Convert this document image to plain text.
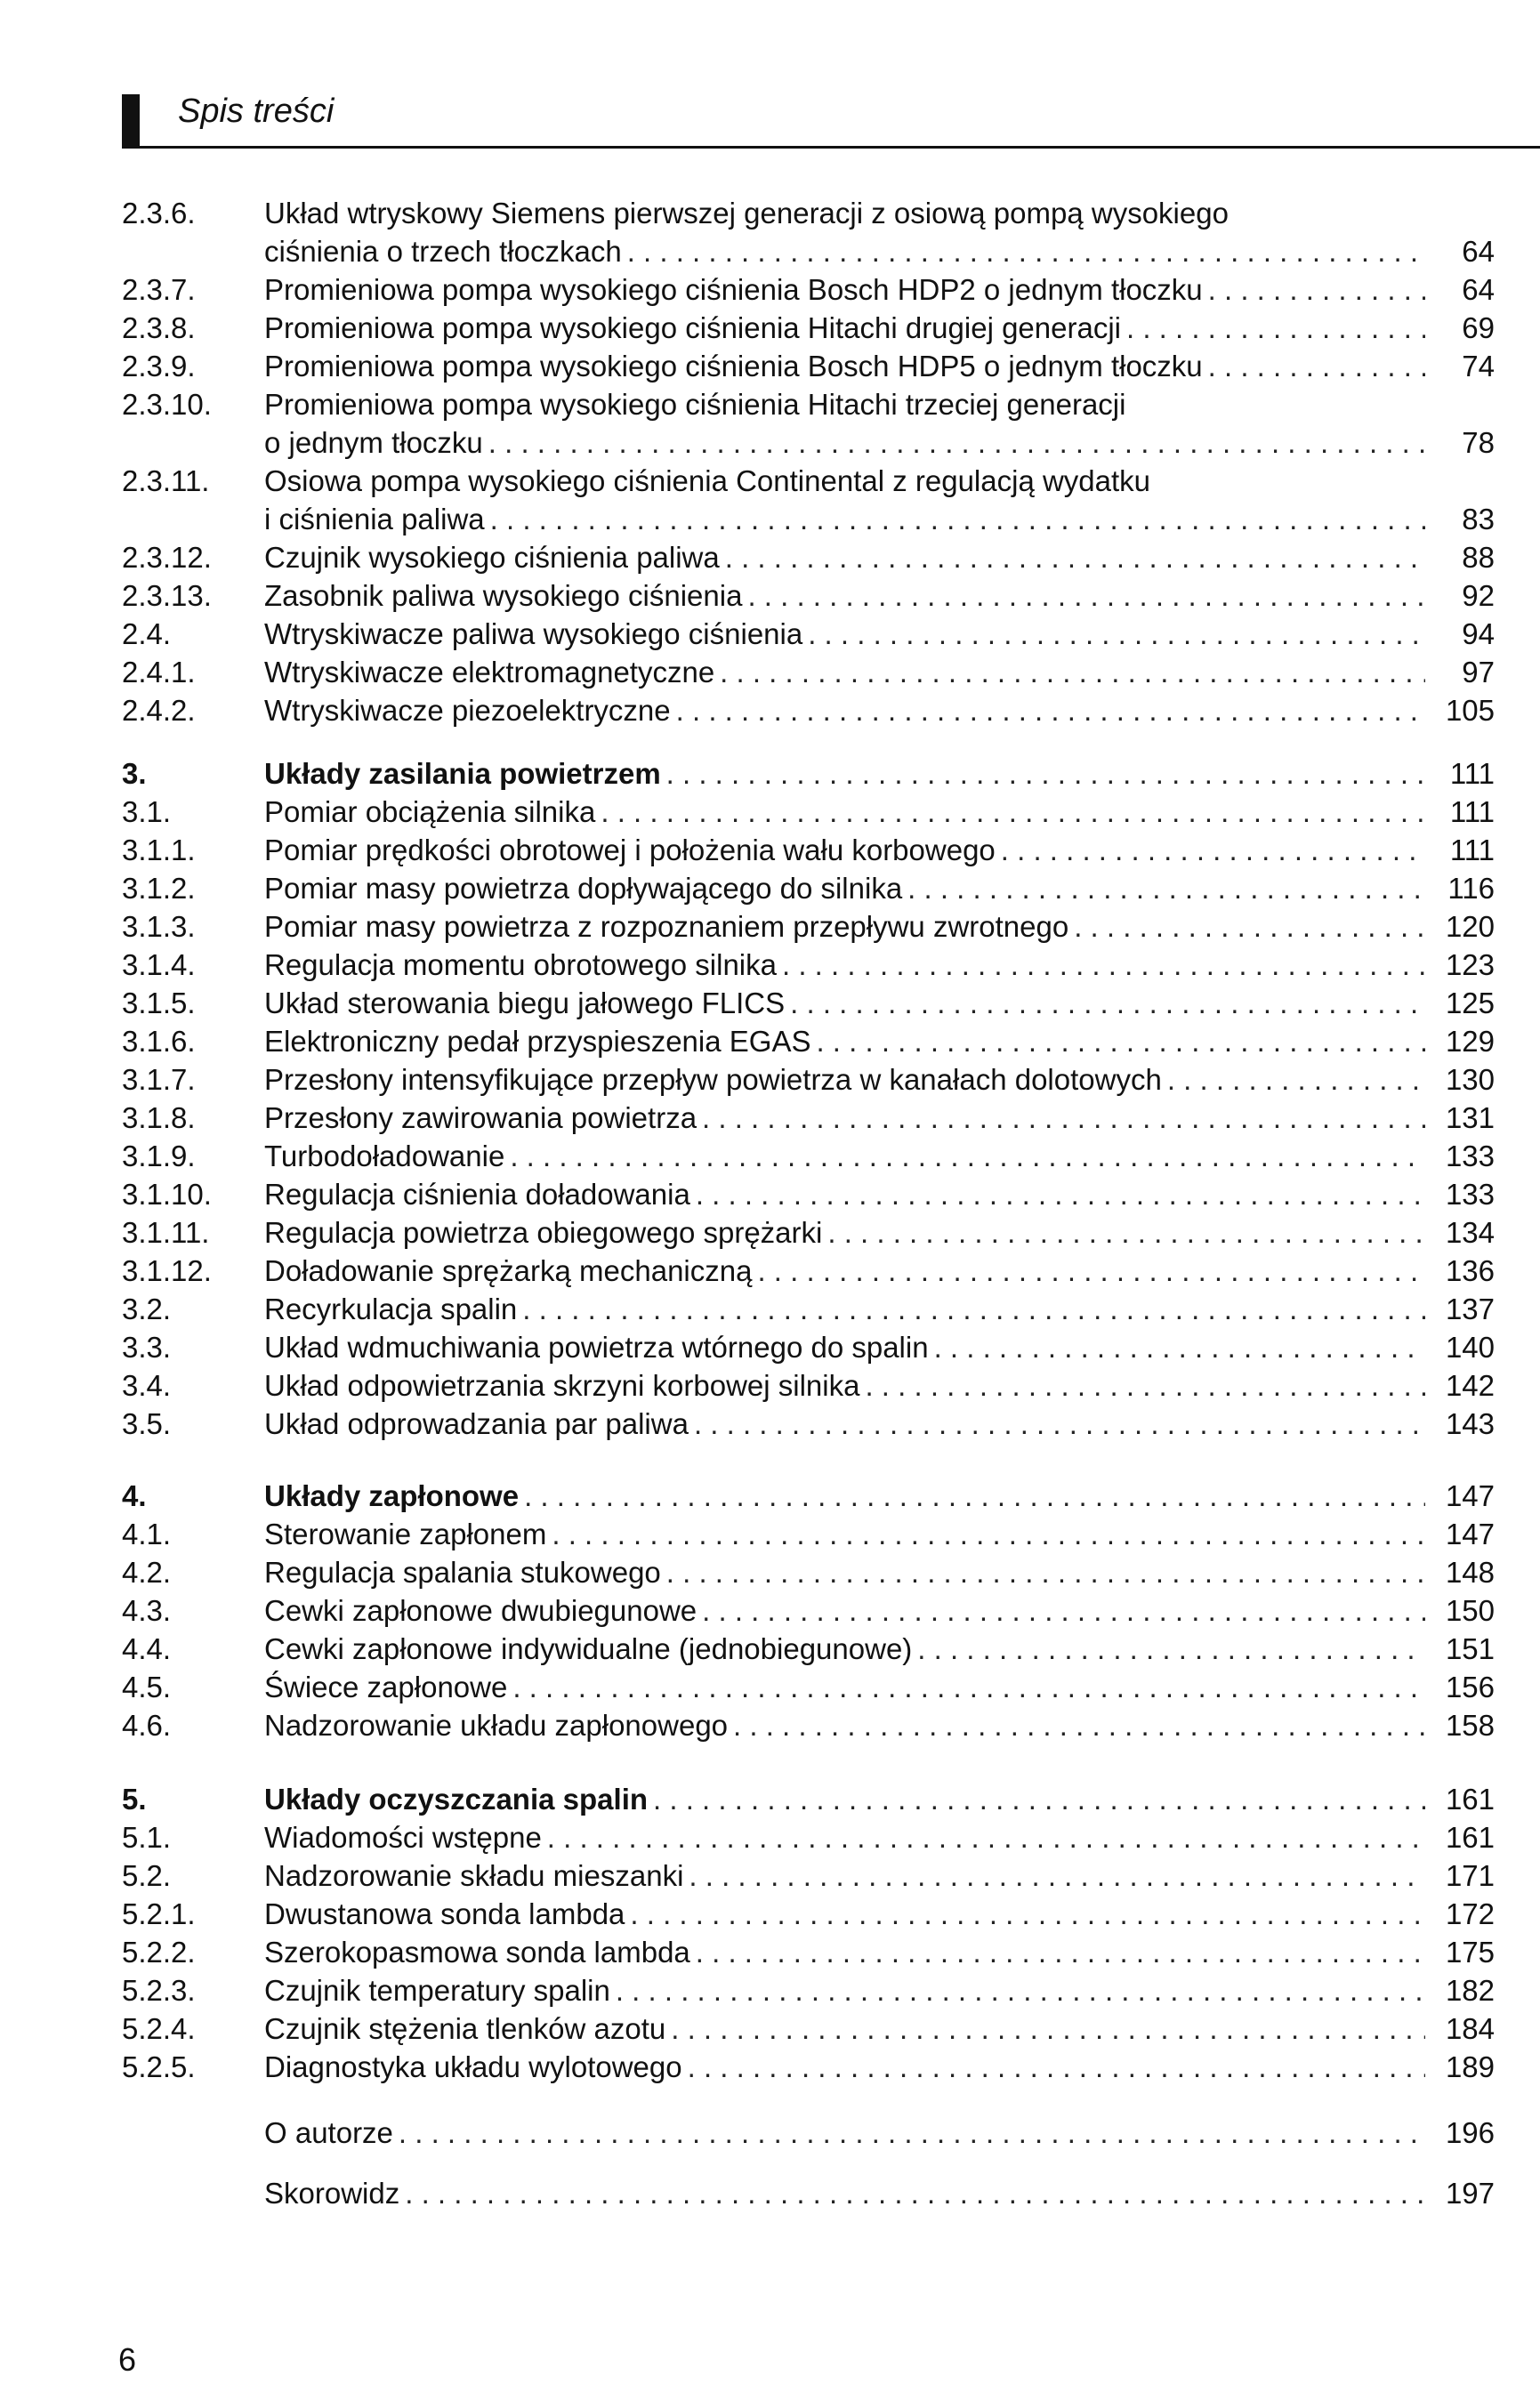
Spis treści
2.3.6.	Układ wtryskowy Siemens pierwszej generacji z osiową pompą wysokiego
ciśnienia o trzech tłoczkach . . .	64
2.3.7.	Promieniowa pompa wysokiego ciśnienia Bosch HDP2 o jednym tłoczku . . .	64
2.3.8.	Promieniowa pompa wysokiego ciśnienia Hitachi drugiej generacji . . .	69
2.3.9.	Promieniowa pompa wysokiego ciśnienia Bosch HDP5 o jednym tłoczku . . .	74
2.3.10.	Promieniowa pompa wysokiego ciśnienia Hitachi trzeciej generacji
o jednym tłoczku . . .	78
2.3.11.	Osiowa pompa wysokiego ciśnienia Continental z regulacją wydatku
i ciśnienia paliwa . . .	83
2.3.12.	Czujnik wysokiego ciśnienia paliwa . . .	88
2.3.13.	Zasobnik paliwa wysokiego ciśnienia . . .	92
2.4.	Wtryskiwacze paliwa wysokiego ciśnienia . . .	94
2.4.1.	Wtryskiwacze elektromagnetyczne . . .	97
2.4.2.	Wtryskiwacze piezoelektryczne . . .	105
3.	Układy zasilania powietrzem . . .	111
3.1.	Pomiar obciążenia silnika . . .	111
3.1.1.	Pomiar prędkości obrotowej i położenia wału korbowego . . .	111
3.1.2.	Pomiar masy powietrza dopływającego do silnika . . .	116
3.1.3.	Pomiar masy powietrza z rozpoznaniem przepływu zwrotnego . . .	120
3.1.4.	Regulacja momentu obrotowego silnika . . .	123
3.1.5.	Układ sterowania biegu jałowego FLICS . . .	125
3.1.6.	Elektroniczny pedał przyspieszenia EGAS . . .	129
3.1.7.	Przesłony intensyfikujące przepływ powietrza w kanałach dolotowych . . .	130
3.1.8.	Przesłony zawirowania powietrza . . .	131
3.1.9.	Turbodoładowanie . . .	133
3.1.10.	Regulacja ciśnienia doładowania . . .	133
3.1.11.	Regulacja powietrza obiegowego sprężarki . . .	134
3.1.12.	Doładowanie sprężarką mechaniczną . . .	136
3.2.	Recyrkulacja spalin . . .	137
3.3.	Układ wdmuchiwania powietrza wtórnego do spalin . . .	140
3.4.	Układ odpowietrzania skrzyni korbowej silnika . . .	142
3.5.	Układ odprowadzania par paliwa . . .	143
4.	Układy zapłonowe . . .	147
4.1.	Sterowanie zapłonem . . .	147
4.2.	Regulacja spalania stukowego . . .	148
4.3.	Cewki zapłonowe dwubiegunowe . . .	150
4.4.	Cewki zapłonowe indywidualne (jednobiegunowe) . . .	151
4.5.	Świece zapłonowe . . .	156
4.6.	Nadzorowanie układu zapłonowego . . .	158
5.	Układy oczyszczania spalin . . .	161
5.1.	Wiadomości wstępne . . .	161
5.2.	Nadzorowanie składu mieszanki . . .	171
5.2.1.	Dwustanowa sonda lambda . . .	172
5.2.2.	Szerokopasmowa sonda lambda . . .	175
5.2.3.	Czujnik temperatury spalin . . .	182
5.2.4.	Czujnik stężenia tlenków azotu . . .	184
5.2.5.	Diagnostyka układu wylotowego . . .	189
O autorze . . .	196
Skorowidz . . .	197
6
